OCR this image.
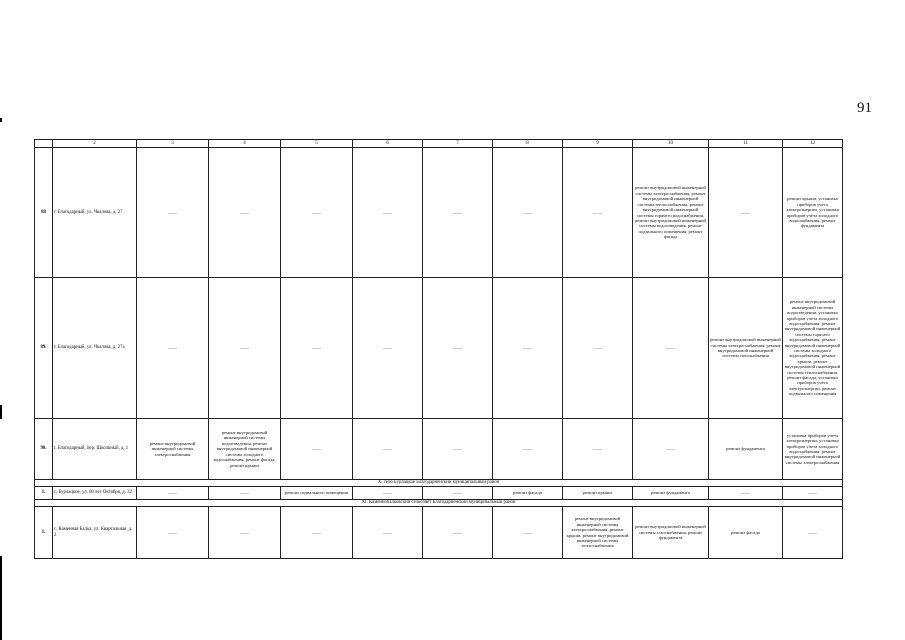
91
	2	3	4	5	6	7	8	9	10	11	12
88	г. Благодарный, ул. Чкалова, д. 27	——	——	——	——	——	——	——	ремонт внутридомовой инженерной системы электроснабжения, ремонт внутридомовой инженерной системы теплоснабжения, ремонт внутридомовой инженерной системы горячего водоснабжения, ремонт внутридомовой инженерной системы водоотведения, ремонт подвального помещения, ремонт фасада	——	ремонт крыши, установка приборов учета электроэнергии, установка приборов учета холодного водоснабжения, ремонт фундамента
89.	г. Благодарный, ул. Чкалова, д. 27а	——	——	——	——	——	——	——	——	ремонт внутридомовой инженерной системы электроснабжения, ремонт внутридомовой инженерной системы газоснабжения	ремонт внутридомовой инженерной системы водоотведения, установка приборов учета холодного водоснабжения, ремонт внутридомовой инженерной системы горячего водоснабжения, ремонт внутридомовой инженерной системы холодного водоснабжения, ремонт крыши, ремонт внутридомовой инженерной системы теплоснабжения, ремонт фасада, установка приборов учета электроэнергии, ремонт подвального помещения
90.	г. Благодарный, пер. Школьный, д. 1	ремонт внутридомовой инженерной системы электроснабжения	ремонт внутридомовой инженерной системы водоотведения, ремонт внутридомовой инженерной системы холодного водоснабжения, ремонт фасада, ремонт крыши	——	——	——	——	——	——	ремонт фундамента	установка приборов учета электроэнергии, установка приборов учета холодного водоснабжения, ремонт внутридомовой инженерной системы электроснабжения
X. село Бурлацкое Благодарненский муниципальный район											
1.	с. Бурлацкое, ул. 60 лет Октября, д. 32	——	——	ремонт подвального помещения	——	——	ремонт фасада	ремонт крыши	ремонт фундамента	——	——
XI. Каменнобалковский сельсовет Благодарненский муниципальный район											
1.	с. Каменная Балка, ул. Квартальная, д. 2	——	——	——	——	——	——	ремонт внутридомовой инженерной системы электроснабжения, ремонт крыши, ремонт внутридомовой инженерной системы теплоснабжения	ремонт внутридомовой инженерной системы газоснабжения, ремонт фундамента	ремонт фасада	——
